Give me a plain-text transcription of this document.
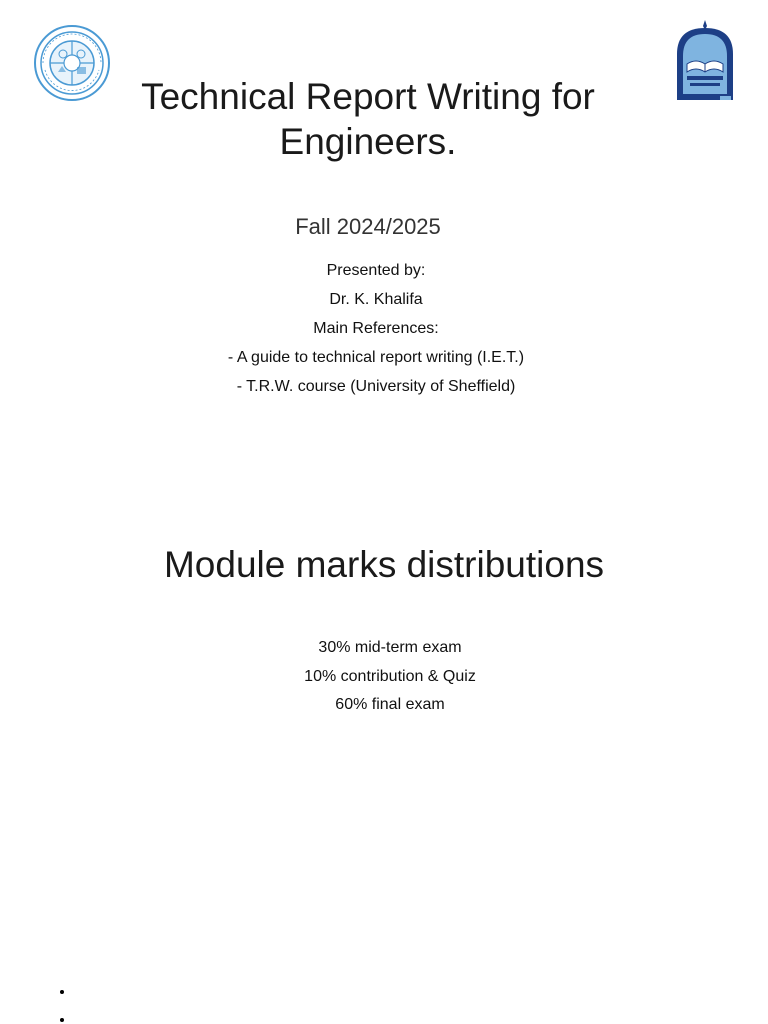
Technical Report Writing for Engineers.
Fall 2024/2025
Presented by:
Dr. K. Khalifa
Main References:
- A guide to technical report writing (I.E.T.)
- T.R.W. course (University of Sheffield)
Module marks distributions
30% mid-term exam
10% contribution & Quiz
60% final exam
